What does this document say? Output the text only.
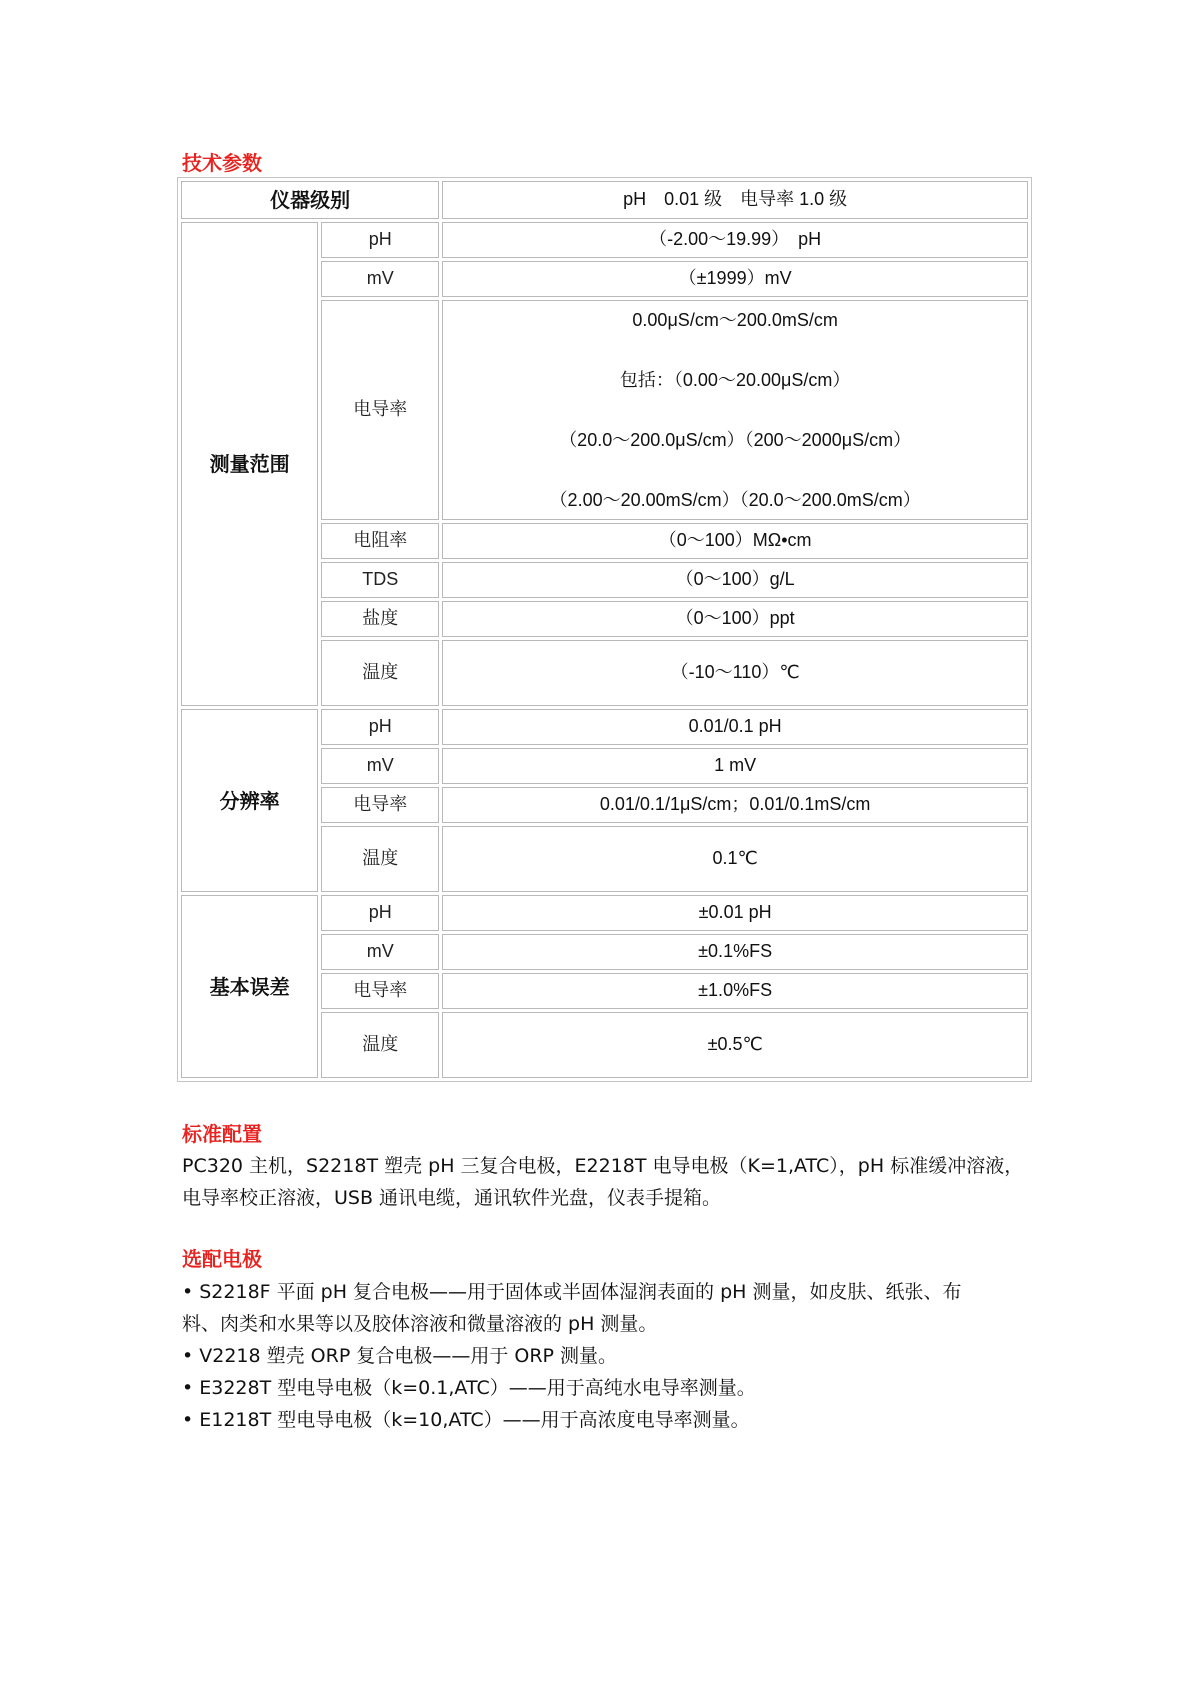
技术参数
仪器级别		pH　0.01 级　电导率 1.0 级
测量范围	pH	（-2.00～19.99）　pH
	mV	（±1999）mV
	电导率	0.00μS/cm～200.0mS/cm

包括：（0.00～20.00μS/cm）

（20.0～200.0μS/cm）（200～2000μS/cm）

（2.00～20.00mS/cm）（20.0～200.0mS/cm）

	电阻率	（0～100）MΩ•cm
	TDS	（0～100）g/L
	盐度	（0～100）ppt
	温度	（-10～110）℃
分辨率	pH	0.01/0.1 pH
	mV	1 mV
	电导率	0.01/0.1/1μS/cm；0.01/0.1mS/cm
	温度	0.1℃
基本误差	pH	±0.01 pH
	mV	±0.1%FS
	电导率	±1.0%FS
	温度	±0.5℃
标准配置

PC320 主机，S2218T 塑壳 pH 三复合电极，E2218T 电导电极（K=1,ATC），pH 标准缓冲溶液，

电导率校正溶液，USB 通讯电缆，通讯软件光盘，仪表手提箱。

选配电极

• S2218F 平面 pH 复合电极——用于固体或半固体湿润表面的 pH 测量，如皮肤、纸张、布

料、肉类和水果等以及胶体溶液和微量溶液的 pH 测量。

• V2218 塑壳 ORP 复合电极——用于 ORP 测量。

• E3228T 型电导电极（k=0.1,ATC）——用于高纯水电导率测量。

• E1218T 型电导电极（k=10,ATC）——用于高浓度电导率测量。
